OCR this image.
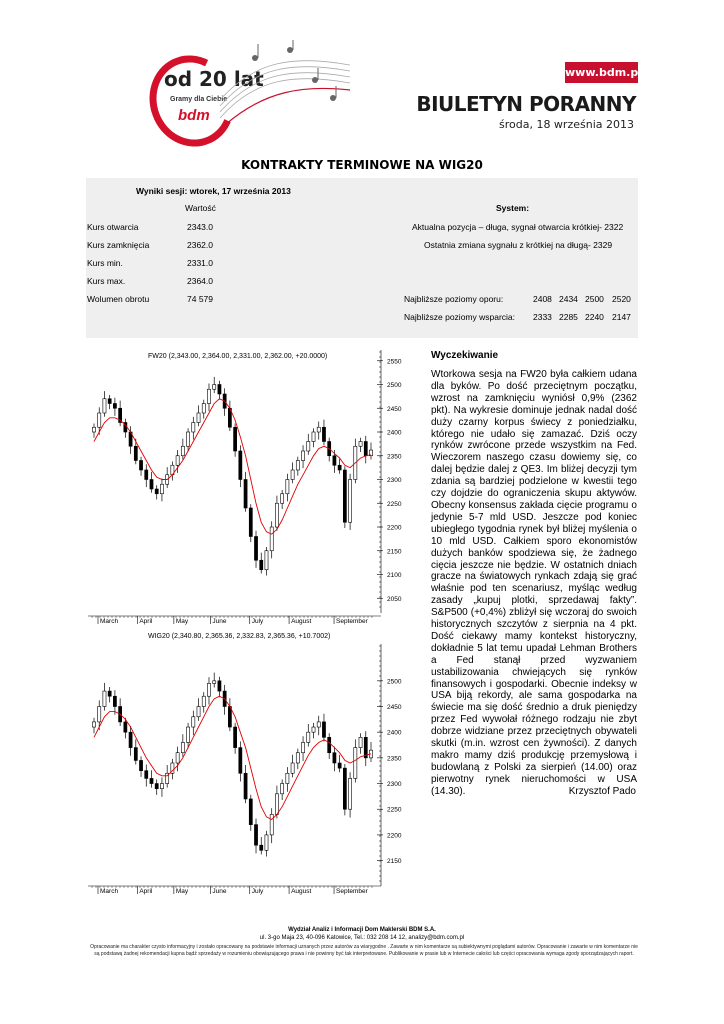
od 20 lat
Gramy dla Ciebie
bdm
www.bdm.pl
BIULETYN PORANNY
środa, 18 września 2013
KONTRAKTY TERMINOWE NA WIG20
Wyniki sesji: wtorek, 17 września 2013
Wartość
Kurs otwarcia	2343.0
Kurs zamknięcia	2362.0
Kurs min.	2331.0
Kurs max.	2364.0
Wolumen obrotu	74 579
System:
Aktualna pozycja – długa, sygnał otwarcia krótkiej- 2322
Ostatnia zmiana sygnału z krótkiej na długą- 2329
Najbliższe poziomy oporu:	2408 2434 2500 2520
Najbliższe poziomy wsparcia: 2333 2285 2240 2147
FW20 (2,343.00, 2,364.00, 2,331.00, 2,362.00, +20.0000)
2550
2500
2450
2400
2350
2300
2250
2200
2150
2100
2050
March	April	May	June	July	August	September
WIG20 (2,340.80, 2,365.36, 2,332.83, 2,365.36, +10.7002)
2500
2450
2400
2350
2300
2250
2200
2150
March	April	May	June	July	August	September
Wyczekiwanie
Wtorkowa sesja na FW20 była całkiem udana dla byków. Po dość przeciętnym początku, wzrost na zamknięciu wyniósł 0,9% (2362 pkt). Na wykresie dominuje jednak nadal dość duży czarny korpus świecy z poniedziałku, którego nie udało się zamazać. Dziś oczy rynków zwrócone przede wszystkim na Fed. Wieczorem naszego czasu dowiemy się, co dalej będzie dalej z QE3. Im bliżej decyzji tym zdania są bardziej podzielone w kwestii tego czy dojdzie do ograniczenia skupu aktywów. Obecny konsensus zakłada cięcie programu o jedynie 5-7 mld USD. Jeszcze pod koniec ubiegłego tygodnia rynek był bliżej myślenia o 10 mld USD. Całkiem sporo ekonomistów dużych banków spodziewa się, że żadnego cięcia jeszcze nie będzie. W ostatnich dniach gracze na światowych rynkach zdają się grać właśnie pod ten scenariusz, myśląc według zasady „kupuj plotki, sprzedawaj fakty”. S&P500 (+0,4%) zbliżył się wczoraj do swoich historycznych szczytów z sierpnia na 4 pkt. Dość ciekawy mamy kontekst historyczny, dokładnie 5 lat temu upadał Lehman Brothers a Fed stanął przed wyzwaniem ustabilizowania chwiejących się rynków finansowych i gospodarki. Obecnie indeksy w USA biją rekordy, ale sama gospodarka na świecie ma się dość średnio a druk pieniędzy przez Fed wywołał różnego rodzaju nie zbyt dobrze widziane przez przeciętnych obywateli skutki (m.in. wzrost cen żywności). Z danych makro mamy dziś produkcję przemysłową i budowlaną z Polski za sierpień (14.00) oraz pierwotny rynek nieruchomości w USA (14.30).	Krzysztof Pado
Wydział Analiz i Informacji Dom Maklerski BDM S.A.
ul. 3-go Maja 23, 40-096 Katowice, Tel.: 032 208 14 12, analizy@bdm.com.pl
Opracowanie ma charakter czysto informacyjny i zostało opracowany na podstawie informacji uznanych przez autorów za wiarygodne . Zawarte w nim komentarze są subiektywnymi poglądami autorów. Opracowanie i zawarte w nim komentarze nie są podstawą żadnej rekomendacji kupna bądź sprzedaży w rozumieniu obowiązującego prawa i nie powinny być tak interpretowane. Publikowanie w prasie lub w Internecie całości lub części opracowania wymaga zgody sporządzających raport.
